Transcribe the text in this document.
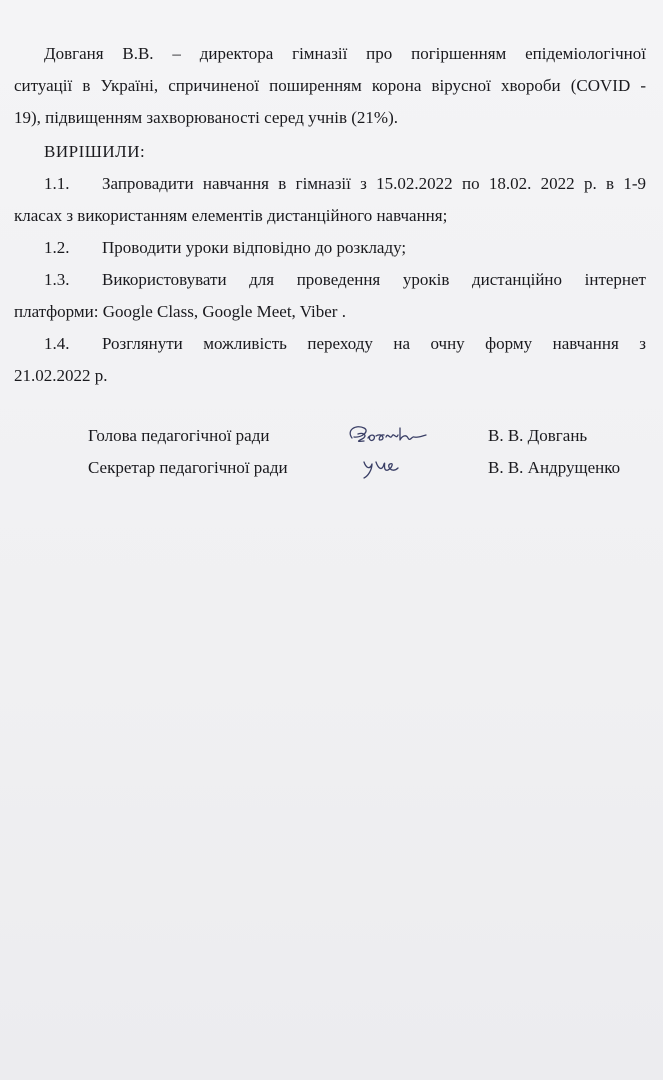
Довганя В.В. – директора гімназії про погіршенням епідеміологічної
ситуації в Україні, спричиненої поширенням корона вірусної хвороби (COVID -
19), підвищенням захворюваності серед учнів (21%).

ВИРІШИЛИ:
1.1. Запровадити навчання в гімназії з 15.02.2022 по 18.02. 2022 р. в 1-9
класах з використанням елементів дистанційного навчання;
1.2. Проводити уроки відповідно до розкладу;
1.3. Використовувати для проведення уроків дистанційно інтернет
платформи: Google Class, Google Meet, Viber .
1.4. Розглянути можливість переходу на очну форму навчання з
21.02.2022 р.
Голова педагогічної ради	В. В. Довгань
Секретар педагогічної ради	В. В. Андрущенко
